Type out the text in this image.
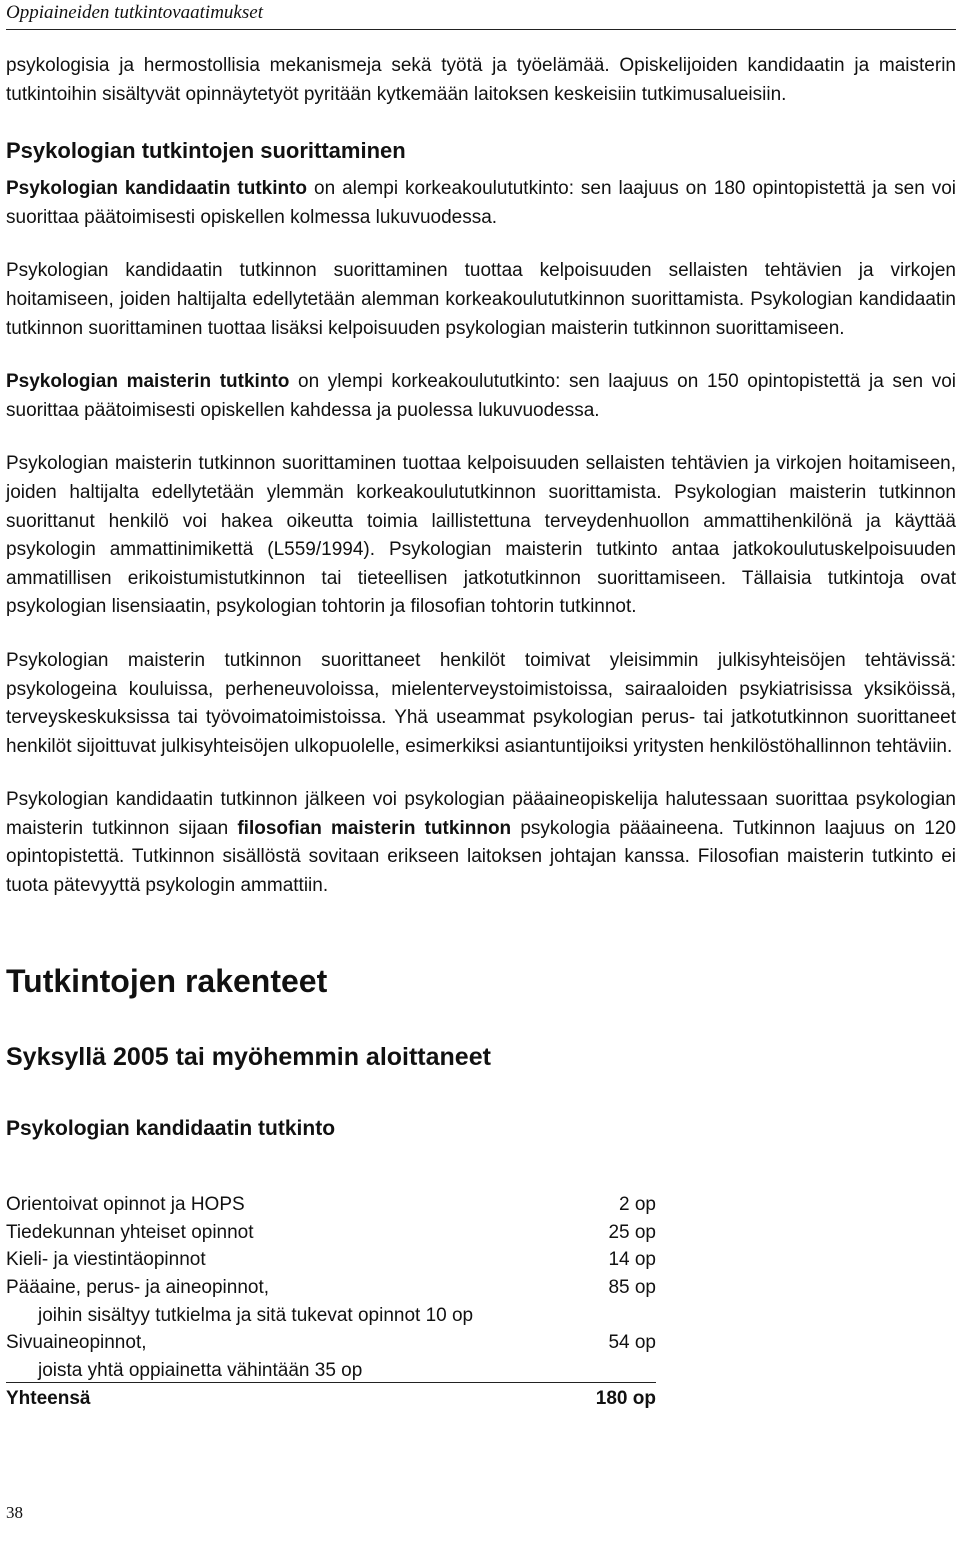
Oppiaineiden tutkintovaatimukset

psykologisia ja hermostollisia mekanismeja sekä työtä ja työelämää. Opiskelijoiden kandidaatin ja maisterin tutkintoihin sisältyvät opinnäytetyöt pyritään kytkemään laitoksen keskeisiin tutkimusalueisiin.

Psykologian tutkintojen suorittaminen

Psykologian kandidaatin tutkinto on alempi korkeakoulututkinto: sen laajuus on 180 opintopistettä ja sen voi suorittaa päätoimisesti opiskellen kolmessa lukuvuodessa.

Psykologian kandidaatin tutkinnon suorittaminen tuottaa kelpoisuuden sellaisten tehtävien ja virkojen hoitamiseen, joiden haltijalta edellytetään alemman korkeakoulututkinnon suorittamista. Psykologian kandidaatin tutkinnon suorittaminen tuottaa lisäksi kelpoisuuden psykologian maisterin tutkinnon suorittamiseen.

Psykologian maisterin tutkinto on ylempi korkeakoulututkinto: sen laajuus on 150 opintopistettä ja sen voi suorittaa päätoimisesti opiskellen kahdessa ja puolessa lukuvuodessa.

Psykologian maisterin tutkinnon suorittaminen tuottaa kelpoisuuden sellaisten tehtävien ja virkojen hoitamiseen, joiden haltijalta edellytetään ylemmän korkeakoulututkinnon suorittamista. Psykologian maisterin tutkinnon suorittanut henkilö voi hakea oikeutta toimia laillistettuna terveydenhuollon ammattihenkilönä ja käyttää psykologin ammattinimikettä (L559/1994). Psykologian maisterin tutkinto antaa jatkokoulutuskelpoisuuden ammatillisen erikoistumistutkinnon tai tieteellisen jatkotutkinnon suorittamiseen. Tällaisia tutkintoja ovat psykologian lisensiaatin, psykologian tohtorin ja filosofian tohtorin tutkinnot.

Psykologian maisterin tutkinnon suorittaneet henkilöt toimivat yleisimmin julkisyhteisöjen tehtävissä: psykologeina kouluissa, perheneuvoloissa, mielenterveystoimistoissa, sairaaloiden psykiatrisissa yksiköissä, terveyskeskuksissa tai työvoimatoimistoissa. Yhä useammat psykologian perus- tai jatkotutkinnon suorittaneet henkilöt sijoittuvat julkisyhteisöjen ulkopuolelle, esimerkiksi asiantuntijoiksi yritysten henkilöstöhallinnon tehtäviin.

Psykologian kandidaatin tutkinnon jälkeen voi psykologian pääaineopiskelija halutessaan suorittaa psykologian maisterin tutkinnon sijaan filosofian maisterin tutkinnon psykologia pääaineena. Tutkinnon laajuus on 120 opintopistettä. Tutkinnon sisällöstä sovitaan erikseen laitoksen johtajan kanssa. Filosofian maisterin tutkinto ei tuota pätevyyttä psykologin ammattiin.

Tutkintojen rakenteet
Syksyllä 2005 tai myöhemmin aloittaneet
Psykologian kandidaatin tutkinto
Orientoivat opinnot ja HOPS	2 op
Tiedekunnan yhteiset opinnot	25 op
Kieli- ja viestintäopinnot	14 op
Pääaine, perus- ja aineopinnot,	85 op
joihin sisältyy tutkielma ja sitä tukevat opinnot 10 op	
Sivuaineopinnot,	54 op
joista yhtä oppiainetta vähintään 35 op	
Yhteensä	180 op
38
